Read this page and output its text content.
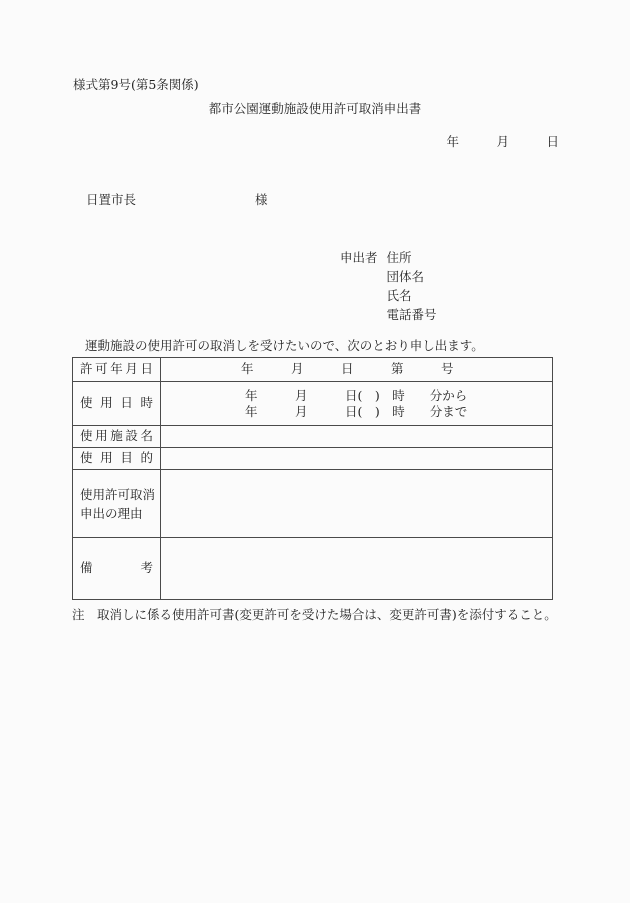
様式第9号(第5条関係)
都市公園運動施設使用許可取消申出書
年　　　月　　　日
日置市長	様
申出者 住所
団体名
氏名
電話番号
運動施設の使用許可の取消しを受けたいので、次のとおり申し出ます。
許可年月日	年　　　月　　　日　　　第　　　号

使用日時	年　　　月　　　日(　)　時　　分から
年　　　月　　　日(　)　時　　分まで

使用施設名	

使用目的	

使用許可取消
申出の理由	

備考	

注　取消しに係る使用許可書(変更許可を受けた場合は、変更許可書)を添付すること。
